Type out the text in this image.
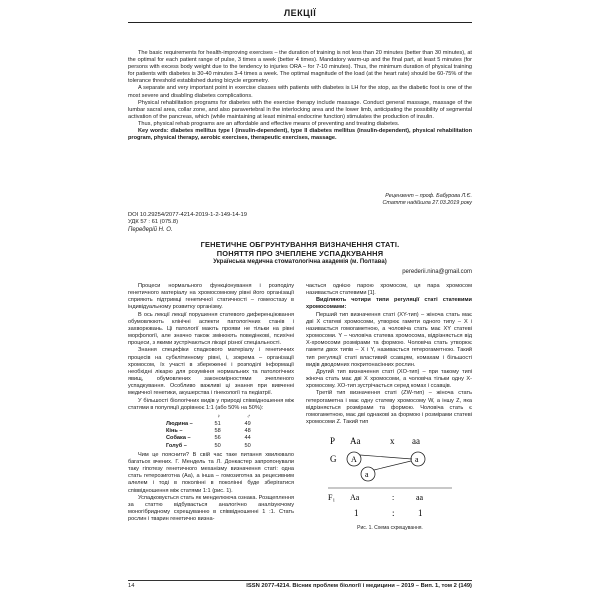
ЛЕКЦІЇ

The basic requirements for health-improving exercises – the duration of training is not less than 20 minutes (better than 30 minutes), at the optimal for each patient range of pulse, 3 times a week (better 4 times). Mandatory warm-up and the final part, at least 5 minutes (for persons with excess body weight due to the tendency to injuries ORA – for 7-10 minutes). Thus, the minimum duration of physical training for patients with diabetes is 30-40 minutes 3-4 times a week. The optimal magnitude of the load (at the heart rate) should be 60-75% of the tolerance threshold established during bicycle ergometry.

A separate and very important point in exercise classes with patients with diabetes is LH for the stop, as the diabetic foot is one of the most severe and disabling diabetes complications.

Physical rehabilitation programs for diabetes with the exercise therapy include massage. Conduct general massage, massage of the lumbar sacral area, collar zone, and also paravertebral in the interlocking area and the lower limb, anticipating the possibility of segmental activation of the pancreas, which (while maintaining at least minimal endocrine function) stimulates the production of insulin.

Thus, physical rehab programs are an affordable and effective means of preventing and treating diabetes.

Key words: diabetes mellitus type I (insulin-dependent), type II diabetes mellitus (insulin-dependent), physical rehabilitation program, physical therapy, aerobic exercises, therapeutic exercises, massage.

Рецензент – проф. Бабурова Л.Є.
Стаття надійшла 27.03.2019 року
DOI 10.29254/2077-4214-2019-1-2-149-14-19
УДК 57 : 61 (075.8)
Передерій Н. О.
ГЕНЕТИЧНЕ ОБГРУНТУВАННЯ ВИЗНАЧЕННЯ СТАТІ.
ПОНЯТТЯ ПРО ЗЧЕПЛЕНЕ УСПАДКУВАННЯ
Українська медична стоматологічна академія (м. Полтава)
perederii.nina@gmail.com

Процеси нормального функціонування і розподілу генетичного матеріалу на хромосомному рівні його організації сприяють підтримці генетичної статичності – гомеостазу в індивідуальному розвитку організму.

В ось лекції лекції порушення статевого диференціювання обумовлюють клінічні аспекти патологічних станів і захворювань. Ці патології мають прояви не тільки на рівні морфології, але значно також змінюють поведінкові, психічні процеси, з якими зустрічаються лікарі різної спеціальності.

Знання специфіки спадкового матеріалу і генетичних процесів на субклітинному рівні, і, зокрема – організації хромосом, їх участі в збереженні і розподілі інформації необхідні лікарю для розуміння нормальних та патологічних явищ, обумовлених закономірностями зчепленого успадкування. Особливо важливі ці знання при вивченні медичної генетики, акушерства і гінекології та педіатрії.

У більшості біологічних видів у природі співвідношення між статями в популяції дорівнює 1:1 (або 50% на 50%):

	♀	♂
Людина –	51	49
Кінь –	58	48
Собака –	56	44
Голуб –	50	50

Чим це пояснити? В свій час таке питання хвилювало багатьох вчених. Г. Мендель та Л. Донкастер запропонували таку гіпотезу генетичного механізму визначення статі: одна стать гетерозиготна (Аа), а інша – гомозиготна за рецесивним алелем і тоді в поколінні в поколінні буде зберігатися співвідношення між статями 1:1 (рис. 1).

Успадковується стать як менделююча ознака. Розщеплення за статтю відбувається аналогічно аналізуючому моногібридному схрещуванню в співвідношенні 1 :1. Стать рослин і тварин генетично визна-

чається однією парою хромосом, ця пара хромосом називається статевими [1].

Виділяють чотири типи регуляції статі статевими хромосомами:

Перший тип визначення статі (XY-тип) – жіноча стать має дві X статеві хромосоми, утворює гамети одного типу – X і називається гомогаметною, а чоловіча стать має XY статеві хромосоми. Y – чоловіча статева хромосома, відрізняється від X-хромосоми розмірами та формою. Чоловіча стать утворює гамети двох типів – X і Y, називається гетерогаметною. Такий тип регуляції статі властивий ссавцям, комахам і більшості видів дводомних покритонасінних рослин.

Другий тип визначення статі (XO-тип) – при такому типі жіноча стать має дві X хромосоми, а чоловіча тільки одну X-хромосому. XO-тип зустрічається серед комах і ссавців.

Третій тип визначення статі (ZW-тип) – жіноча стать гетерогаметна і має одну статеву хромосому W, а іншу Z, яка відрізняється розмірами та формою. Чоловіча стать є гомогаметною, має дві однакові за формою і розмірами статеві хромосоми Z. Такий тип

P Aa	x aa
G A
a
a
F₁ Aa	:	aa
1	:	1
Рис. 1. Схема схрещування.
14	ISSN 2077-4214. Вісник проблем біології і медицини – 2019 – Вип. 1, том 2 (149)
